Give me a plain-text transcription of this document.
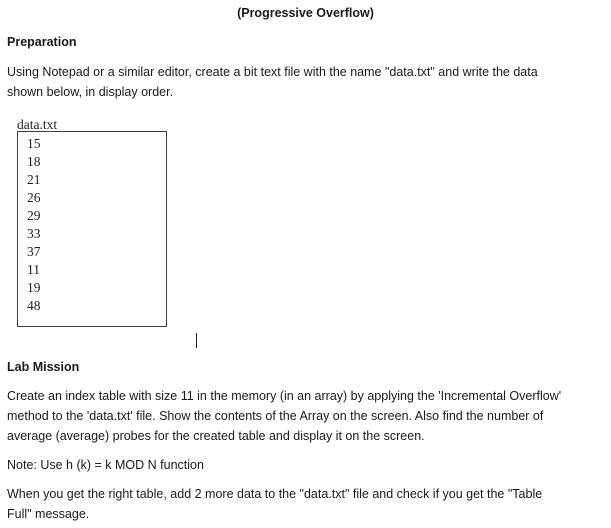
(Progressive Overflow)
Preparation
Using Notepad or a similar editor, create a bit text file with the name "data.txt" and write the data
shown below, in display order.
data.txt
15
18
21
26
29
33
37
11
19
48
Lab Mission
Create an index table with size 11 in the memory (in an array) by applying the 'Incremental Overflow'
method to the 'data.txt' file. Show the contents of the Array on the screen. Also find the number of
average (average) probes for the created table and display it on the screen.
Note: Use h (k) = k MOD N function
When you get the right table, add 2 more data to the "data.txt" file and check if you get the "Table
Full" message.
